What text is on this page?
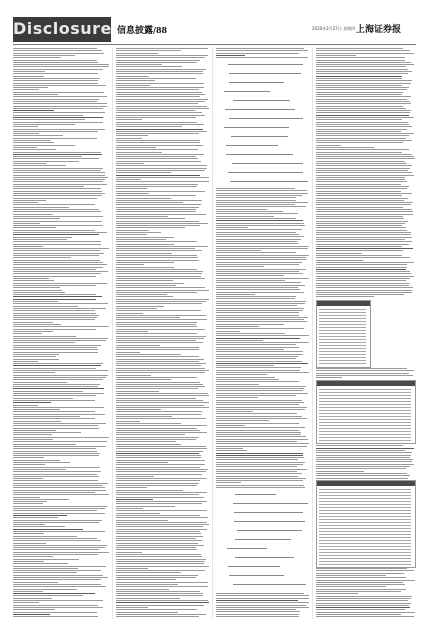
Disclosure 信息披露/88	2020年2月27日 星期四 上海证券报
